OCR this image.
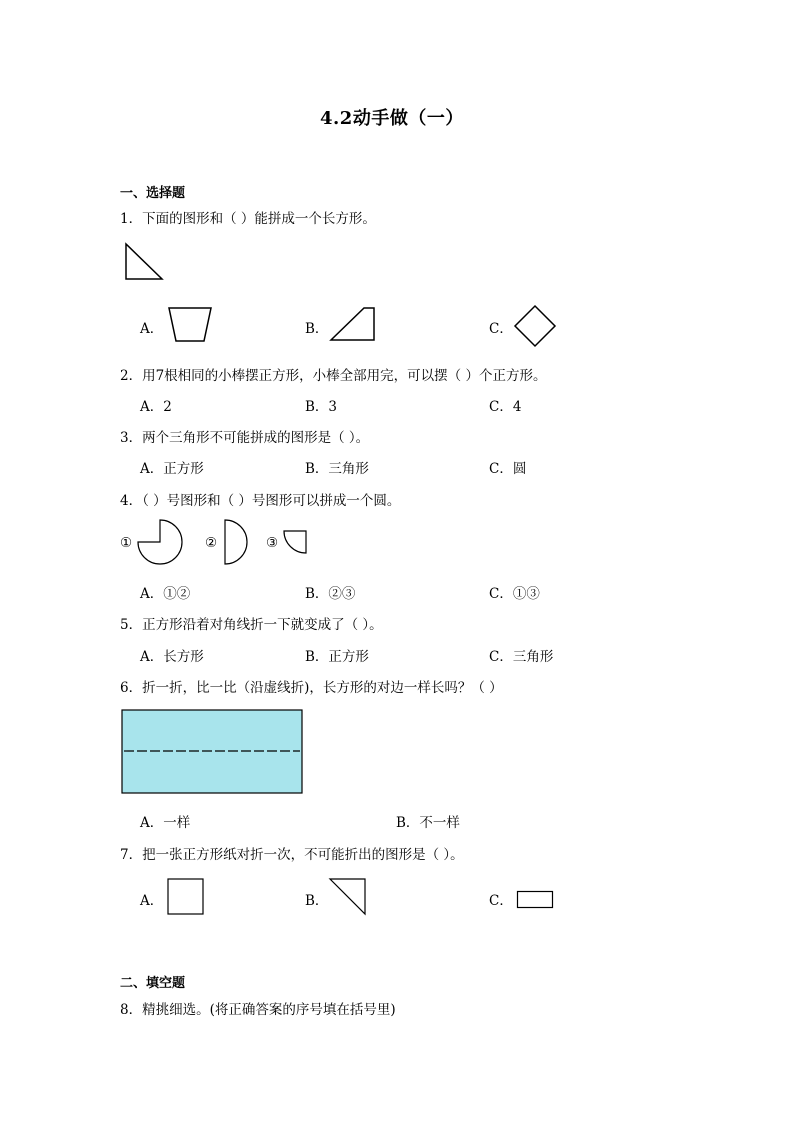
4.2动手做（一）
一、选择题
1．下面的图形和（ ）能拼成一个长方形。
A．	B．	C．
2．用7根相同的小棒摆正方形，小棒全部用完，可以摆（ ）个正方形。
A．2	B．3	C．4
3．两个三角形不可能拼成的图形是（ ）。
A．正方形	B．三角形	C．圆
4．（ ）号图形和（ ）号图形可以拼成一个圆。
①	②	③
A．①②	B．②③	C．①③
5．正方形沿着对角线折一下就变成了（ ）。
A．长方形	B．正方形	C．三角形
6．折一折，比一比（沿虚线折)，长方形的对边一样长吗？（ ）
A．一样	B．不一样
7．把一张正方形纸对折一次，不可能折出的图形是（ ）。
A．	B．	C．
二、填空题
8．精挑细选。(将正确答案的序号填在括号里)
